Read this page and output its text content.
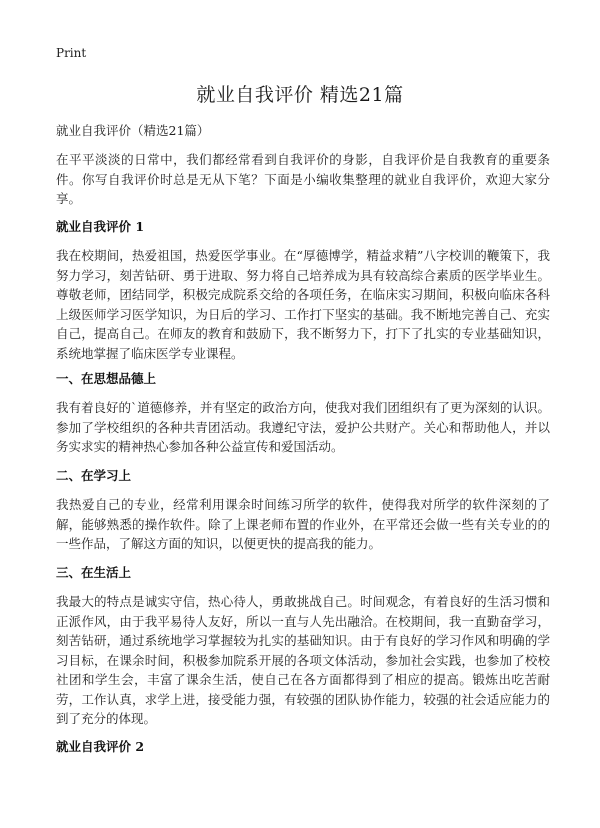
Print
就业自我评价 精选21篇
就业自我评价（精选21篇）

在平平淡淡的日常中，我们都经常看到自我评价的身影，自我评价是自我教育的重要条件。你写自我评价时总是无从下笔？下面是小编收集整理的就业自我评价，欢迎大家分享。

就业自我评价 1

我在校期间，热爱祖国，热爱医学事业。在“厚德博学，精益求精”八字校训的鞭策下，我努力学习，刻苦钻研、勇于进取、努力将自己培养成为具有较高综合素质的医学毕业生。尊敬老师，团结同学，积极完成院系交给的各项任务，在临床实习期间，积极向临床各科上级医师学习医学知识，为日后的学习、工作打下坚实的基础。我不断地完善自己、充实自己，提高自己。在师友的教育和鼓励下，我不断努力下，打下了扎实的专业基础知识，系统地掌握了临床医学专业课程。

一、在思想品德上

我有着良好的`道德修养，并有坚定的政治方向，使我对我们团组织有了更为深刻的认识。参加了学校组织的各种共青团活动。我遵纪守法，爱护公共财产。关心和帮助他人，并以务实求实的精神热心参加各种公益宣传和爱国活动。

二、在学习上

我热爱自己的专业，经常利用课余时间练习所学的软件，使得我对所学的软件深刻的了解，能够熟悉的操作软件。除了上课老师布置的作业外，在平常还会做一些有关专业的的一些作品，了解这方面的知识，以便更快的提高我的能力。

三、在生活上

我最大的特点是诚实守信，热心待人，勇敢挑战自己。时间观念，有着良好的生活习惯和正派作风，由于我平易待人友好，所以一直与人先出融洽。在校期间，我一直勤奋学习，刻苦钻研，通过系统地学习掌握较为扎实的基础知识。由于有良好的学习作风和明确的学习目标，在课余时间，积极参加院系开展的各项文体活动，参加社会实践，也参加了校校社团和学生会，丰富了课余生活，使自己在各方面都得到了相应的提高。锻炼出吃苦耐劳，工作认真，求学上进，接受能力强，有较强的团队协作能力，较强的社会适应能力的到了充分的体现。

就业自我评价 2
